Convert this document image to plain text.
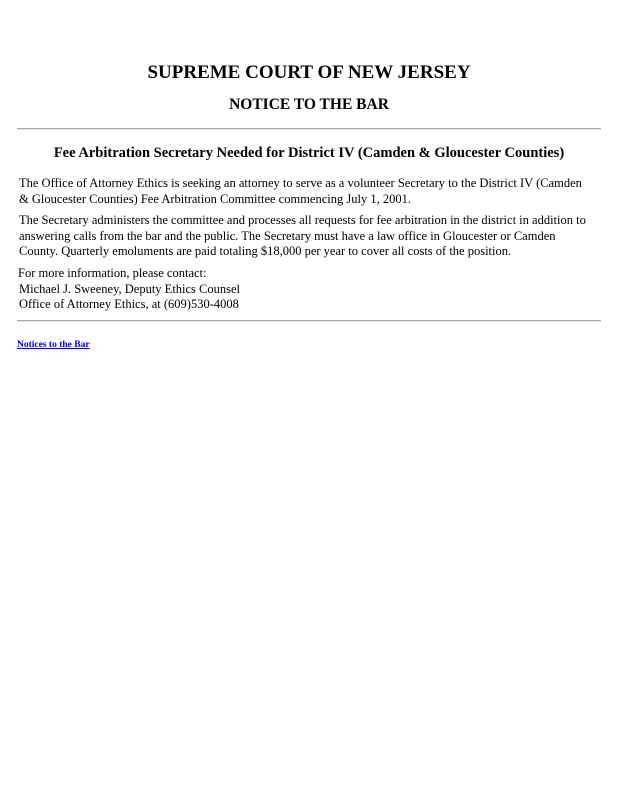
SUPREME COURT OF NEW JERSEY
NOTICE TO THE BAR
Fee Arbitration Secretary Needed for District IV (Camden & Gloucester Counties)

The Office of Attorney Ethics is seeking an attorney to serve as a volunteer Secretary to the District IV (Camden & Gloucester Counties) Fee Arbitration Committee commencing July 1, 2001.

The Secretary administers the committee and processes all requests for fee arbitration in the district in addition to answering calls from the bar and the public. The Secretary must have a law office in Gloucester or Camden County. Quarterly emoluments are paid totaling $18,000 per year to cover all costs of the position.

For more information, please contact:
Michael J. Sweeney, Deputy Ethics Counsel
Office of Attorney Ethics, at (609)530-4008
Notices to the Bar
